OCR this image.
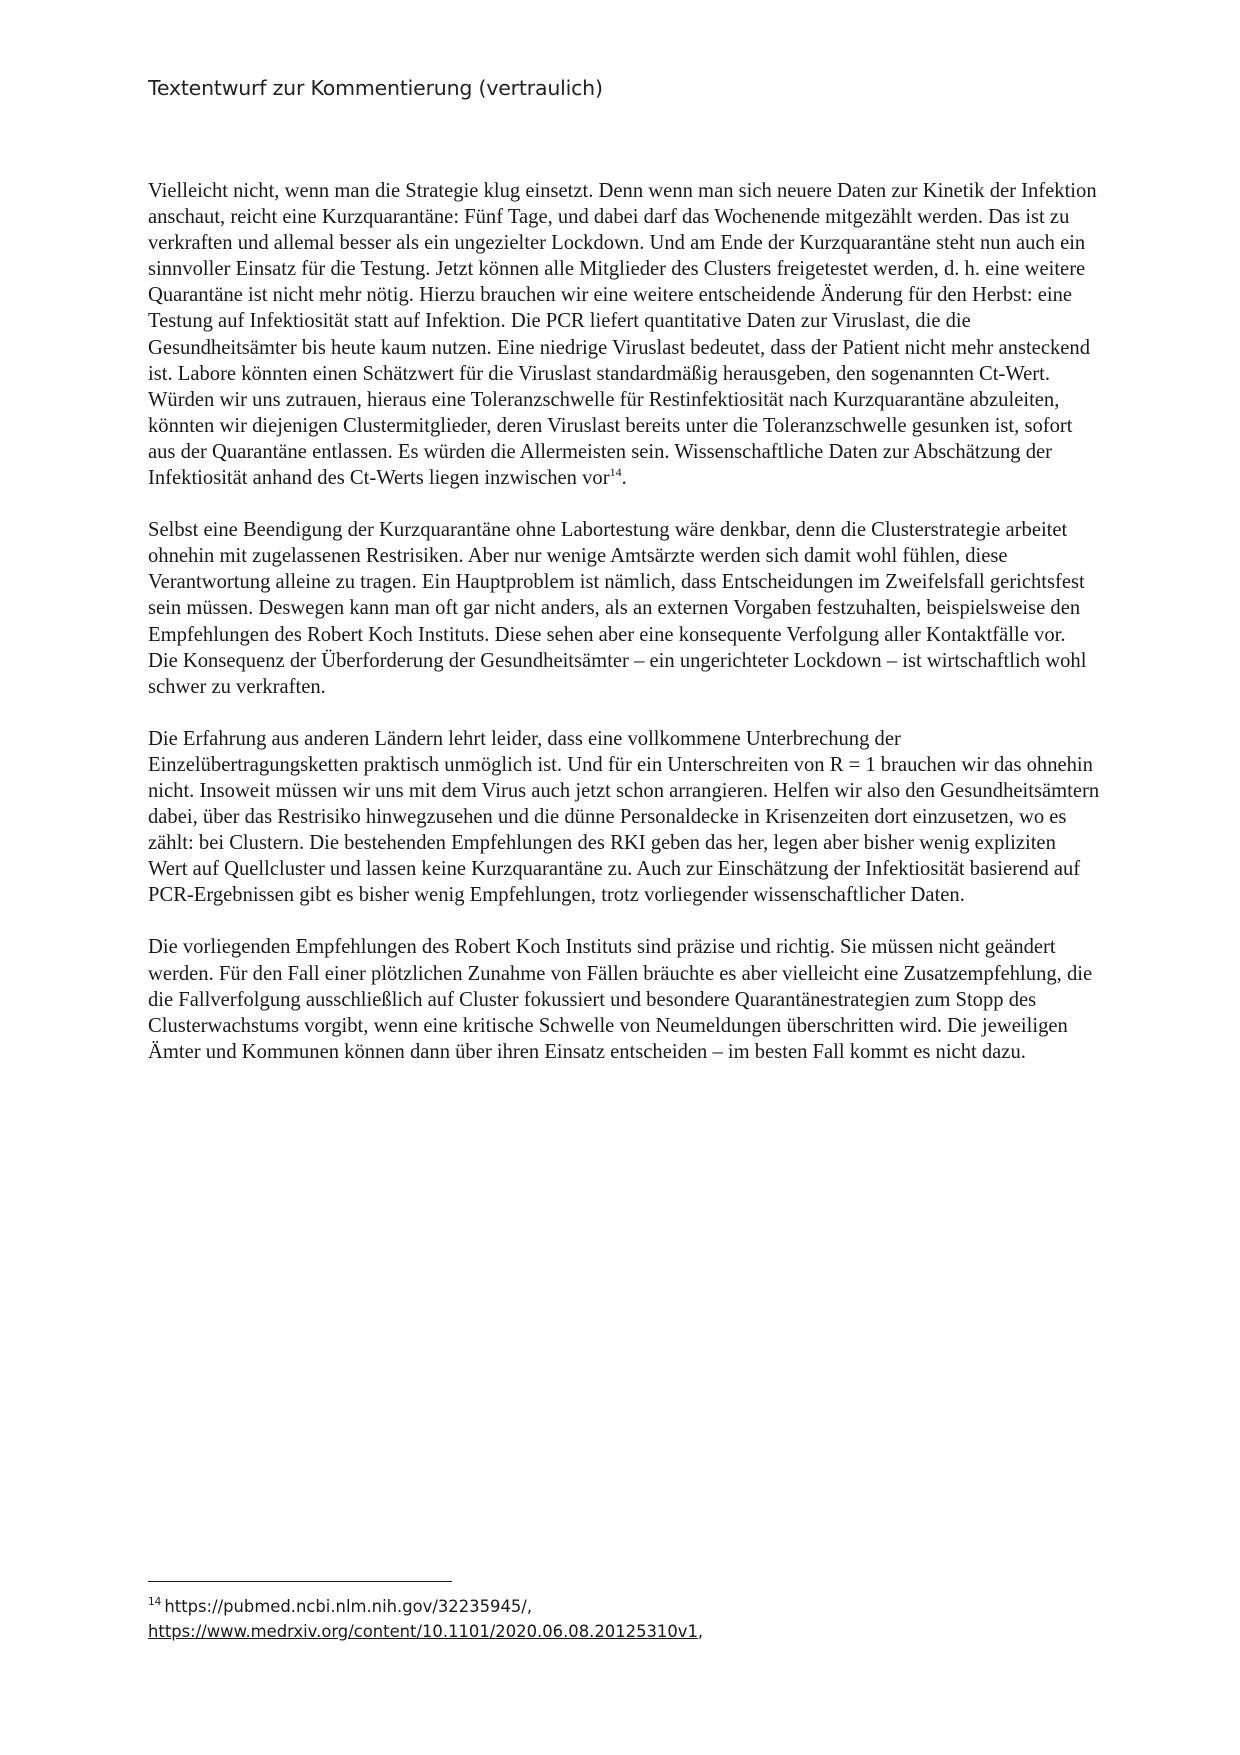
Textentwurf zur Kommentierung (vertraulich)

Vielleicht nicht, wenn man die Strategie klug einsetzt. Denn wenn man sich neuere Daten zur Kinetik der Infektion anschaut, reicht eine Kurzquarantäne: Fünf Tage, und dabei darf das Wochenende mitgezählt werden. Das ist zu verkraften und allemal besser als ein ungezielter Lockdown. Und am Ende der Kurzquarantäne steht nun auch ein sinnvoller Einsatz für die Testung. Jetzt können alle Mitglieder des Clusters freigetestet werden, d. h. eine weitere Quarantäne ist nicht mehr nötig. Hierzu brauchen wir eine weitere entscheidende Änderung für den Herbst: eine Testung auf Infektiosität statt auf Infektion. Die PCR liefert quantitative Daten zur Viruslast, die die Gesundheitsämter bis heute kaum nutzen. Eine niedrige Viruslast bedeutet, dass der Patient nicht mehr ansteckend ist. Labore könnten einen Schätzwert für die Viruslast standardmäßig herausgeben, den sogenannten Ct-Wert. Würden wir uns zutrauen, hieraus eine Toleranzschwelle für Restinfektiosität nach Kurzquarantäne abzuleiten, könnten wir diejenigen Clustermitglieder, deren Viruslast bereits unter die Toleranzschwelle gesunken ist, sofort aus der Quarantäne entlassen. Es würden die Allermeisten sein. Wissenschaftliche Daten zur Abschätzung der Infektiosität anhand des Ct-Werts liegen inzwischen vor$^{14}$.

Selbst eine Beendigung der Kurzquarantäne ohne Labortestung wäre denkbar, denn die Clusterstrategie arbeitet ohnehin mit zugelassenen Restrisiken. Aber nur wenige Amtsärzte werden sich damit wohl fühlen, diese Verantwortung alleine zu tragen. Ein Hauptproblem ist nämlich, dass Entscheidungen im Zweifelsfall gerichtsfest sein müssen. Deswegen kann man oft gar nicht anders, als an externen Vorgaben festzuhalten, beispielsweise den Empfehlungen des Robert Koch Instituts. Diese sehen aber eine konsequente Verfolgung aller Kontaktfälle vor. Die Konsequenz der Überforderung der Gesundheitsämter – ein ungerichteter Lockdown – ist wirtschaftlich wohl schwer zu verkraften.

Die Erfahrung aus anderen Ländern lehrt leider, dass eine vollkommene Unterbrechung der Einzelübertragungsketten praktisch unmöglich ist. Und für ein Unterschreiten von R = 1 brauchen wir das ohnehin nicht. Insoweit müssen wir uns mit dem Virus auch jetzt schon arrangieren. Helfen wir also den Gesundheitsämtern dabei, über das Restrisiko hinwegzusehen und die dünne Personaldecke in Krisenzeiten dort einzusetzen, wo es zählt: bei Clustern. Die bestehenden Empfehlungen des RKI geben das her, legen aber bisher wenig expliziten Wert auf Quellcluster und lassen keine Kurzquarantäne zu. Auch zur Einschätzung der Infektiosität basierend auf PCR-Ergebnissen gibt es bisher wenig Empfehlungen, trotz vorliegender wissenschaftlicher Daten.

Die vorliegenden Empfehlungen des Robert Koch Instituts sind präzise und richtig. Sie müssen nicht geändert werden. Für den Fall einer plötzlichen Zunahme von Fällen bräuchte es aber vielleicht eine Zusatzempfehlung, die die Fallverfolgung ausschließlich auf Cluster fokussiert und besondere Quarantänestrategien zum Stopp des Clusterwachstums vorgibt, wenn eine kritische Schwelle von Neumeldungen überschritten wird. Die jeweiligen Ämter und Kommunen können dann über ihren Einsatz entscheiden – im besten Fall kommt es nicht dazu.

$^{14}$ https://pubmed.ncbi.nlm.nih.gov/32235945/,
https://www.medrxiv.org/content/10.1101/2020.06.08.20125310v1,
